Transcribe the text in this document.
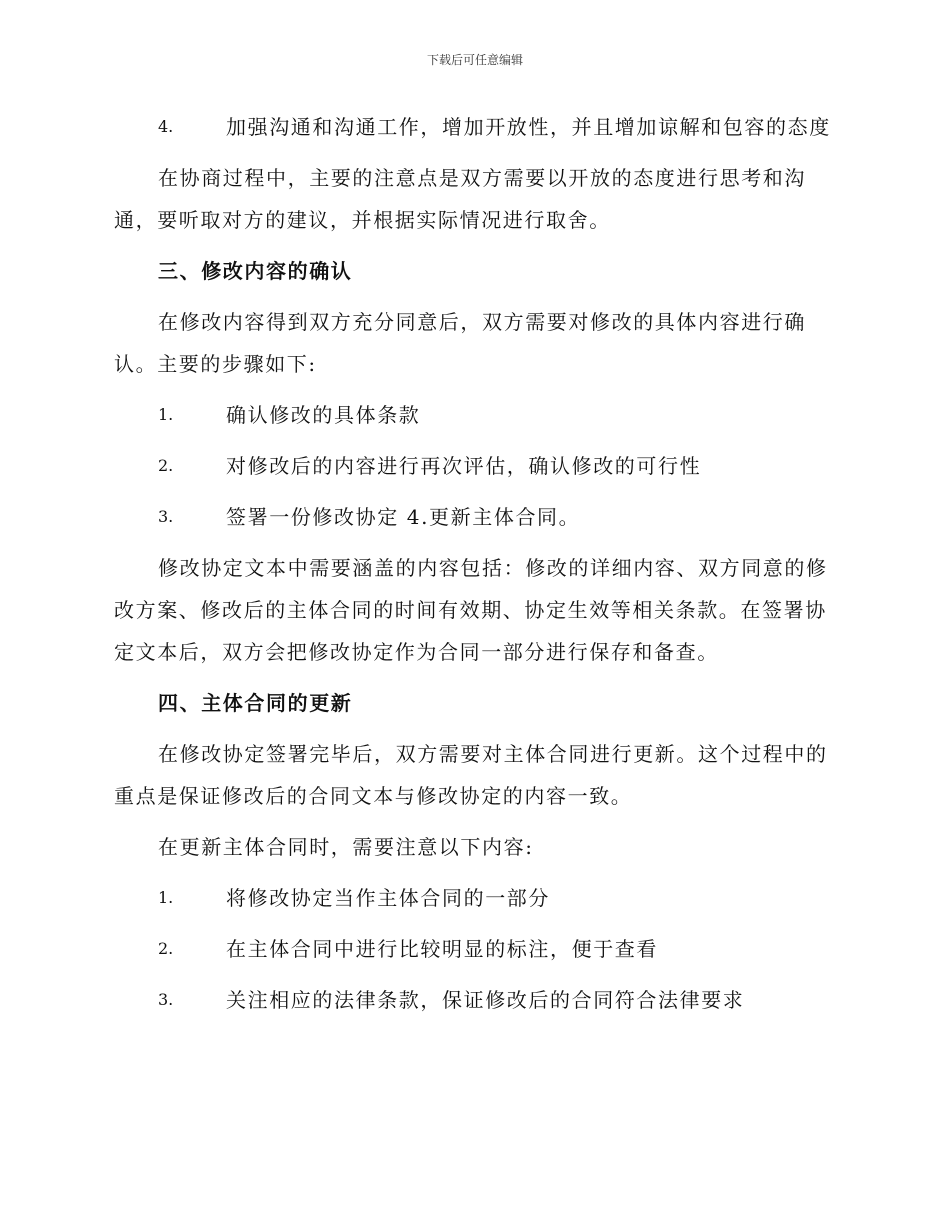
下载后可任意编辑
4.	加强沟通和沟通工作，增加开放性，并且增加谅解和包容的态度
在协商过程中，主要的注意点是双方需要以开放的态度进行思考和沟通，要听取对方的建议，并根据实际情况进行取舍。
三、修改内容的确认
在修改内容得到双方充分同意后，双方需要对修改的具体内容进行确认。主要的步骤如下:
1.	确认修改的具体条款
2.	对修改后的内容进行再次评估，确认修改的可行性
3.	签署一份修改协定 4.更新主体合同。
修改协定文本中需要涵盖的内容包括：修改的详细内容、双方同意的修改方案、修改后的主体合同的时间有效期、协定生效等相关条款。在签署协定文本后，双方会把修改协定作为合同一部分进行保存和备查。
四、主体合同的更新
在修改协定签署完毕后，双方需要对主体合同进行更新。这个过程中的重点是保证修改后的合同文本与修改协定的内容一致。
在更新主体合同时，需要注意以下内容:
1.	将修改协定当作主体合同的一部分
2.	在主体合同中进行比较明显的标注，便于查看
3.	关注相应的法律条款，保证修改后的合同符合法律要求
